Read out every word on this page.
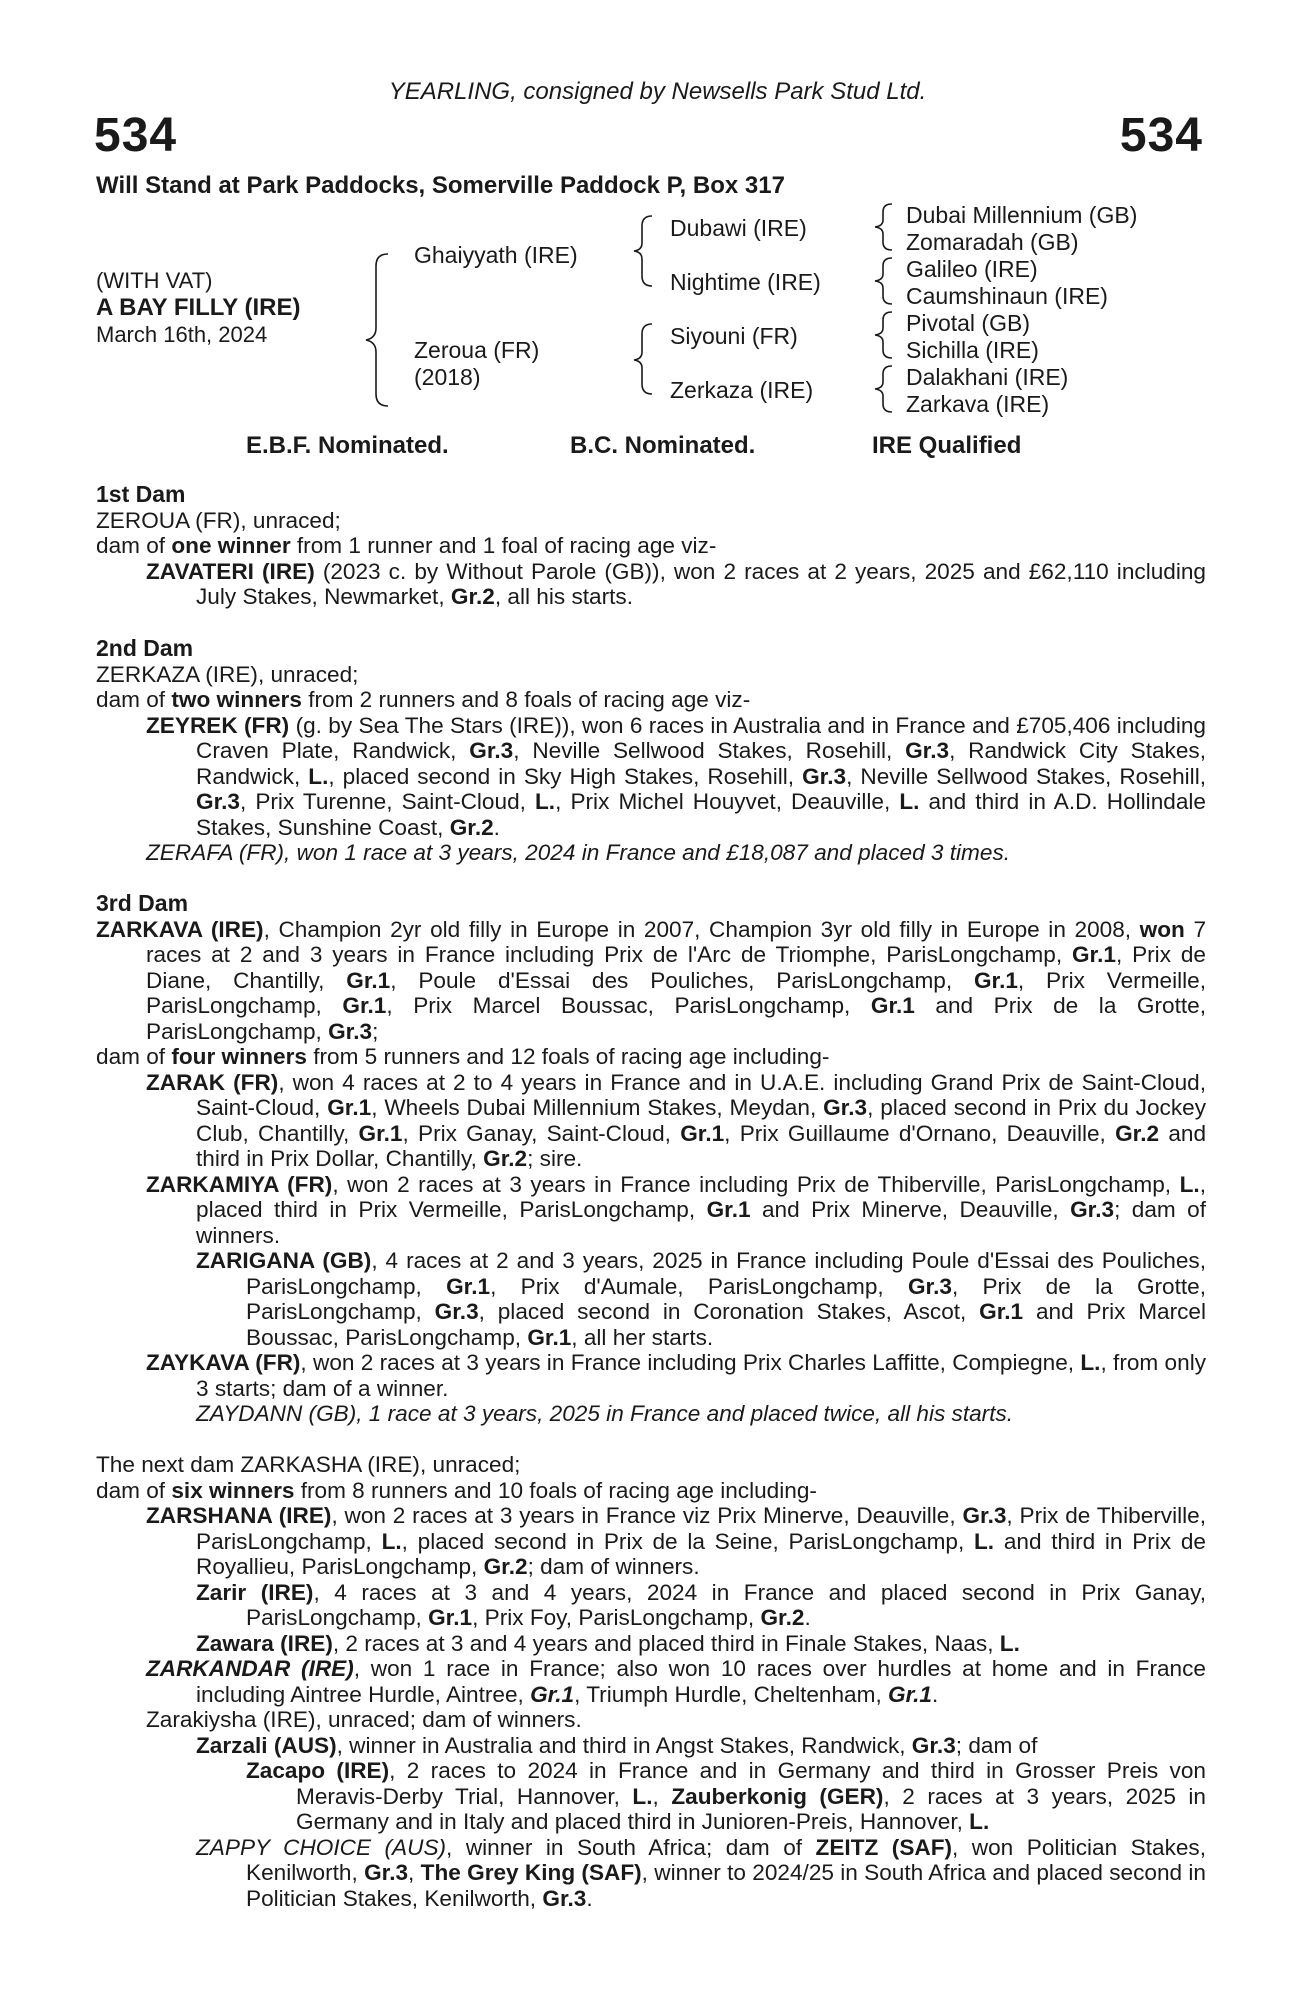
YEARLING, consigned by Newsells Park Stud Ltd.
534	534
Will Stand at Park Paddocks, Somerville Paddock P, Box 317
(WITH VAT)
A BAY FILLY (IRE)
March 16th, 2024
Ghaiyyath (IRE)
Zeroua (FR)
(2018)
Dubawi (IRE)
Nightime (IRE)
Siyouni (FR)
Zerkaza (IRE)
Dubai Millennium (GB)
Zomaradah (GB)
Galileo (IRE)
Caumshinaun (IRE)
Pivotal (GB)
Sichilla (IRE)
Dalakhani (IRE)
Zarkava (IRE)
E.B.F. Nominated.	B.C. Nominated.	IRE Qualified

1st Dam

ZEROUA (FR), unraced;

dam of one winner from 1 runner and 1 foal of racing age viz-

ZAVATERI (IRE) (2023 c. by Without Parole (GB)), won 2 races at 2 years, 2025 and £62,110 including July Stakes, Newmarket, Gr.2, all his starts.

2nd Dam

ZERKAZA (IRE), unraced;

dam of two winners from 2 runners and 8 foals of racing age viz-

ZEYREK (FR) (g. by Sea The Stars (IRE)), won 6 races in Australia and in France and £705,406 including Craven Plate, Randwick, Gr.3, Neville Sellwood Stakes, Rosehill, Gr.3, Randwick City Stakes, Randwick, L., placed second in Sky High Stakes, Rosehill, Gr.3, Neville Sellwood Stakes, Rosehill, Gr.3, Prix Turenne, Saint-Cloud, L., Prix Michel Houyvet, Deauville, L. and third in A.D. Hollindale Stakes, Sunshine Coast, Gr.2.

ZERAFA (FR), won 1 race at 3 years, 2024 in France and £18,087 and placed 3 times.

3rd Dam

ZARKAVA (IRE), Champion 2yr old filly in Europe in 2007, Champion 3yr old filly in Europe in 2008, won 7 races at 2 and 3 years in France including Prix de l'Arc de Triomphe, ParisLongchamp, Gr.1, Prix de Diane, Chantilly, Gr.1, Poule d'Essai des Pouliches, ParisLongchamp, Gr.1, Prix Vermeille, ParisLongchamp, Gr.1, Prix Marcel Boussac, ParisLongchamp, Gr.1 and Prix de la Grotte, ParisLongchamp, Gr.3;

dam of four winners from 5 runners and 12 foals of racing age including-

ZARAK (FR), won 4 races at 2 to 4 years in France and in U.A.E. including Grand Prix de Saint-Cloud, Saint-Cloud, Gr.1, Wheels Dubai Millennium Stakes, Meydan, Gr.3, placed second in Prix du Jockey Club, Chantilly, Gr.1, Prix Ganay, Saint-Cloud, Gr.1, Prix Guillaume d'Ornano, Deauville, Gr.2 and third in Prix Dollar, Chantilly, Gr.2; sire.

ZARKAMIYA (FR), won 2 races at 3 years in France including Prix de Thiberville, ParisLongchamp, L., placed third in Prix Vermeille, ParisLongchamp, Gr.1 and Prix Minerve, Deauville, Gr.3; dam of winners.

ZARIGANA (GB), 4 races at 2 and 3 years, 2025 in France including Poule d'Essai des Pouliches, ParisLongchamp, Gr.1, Prix d'Aumale, ParisLongchamp, Gr.3, Prix de la Grotte, ParisLongchamp, Gr.3, placed second in Coronation Stakes, Ascot, Gr.1 and Prix Marcel Boussac, ParisLongchamp, Gr.1, all her starts.

ZAYKAVA (FR), won 2 races at 3 years in France including Prix Charles Laffitte, Compiegne, L., from only 3 starts; dam of a winner.

ZAYDANN (GB), 1 race at 3 years, 2025 in France and placed twice, all his starts.

The next dam ZARKASHA (IRE), unraced;

dam of six winners from 8 runners and 10 foals of racing age including-

ZARSHANA (IRE), won 2 races at 3 years in France viz Prix Minerve, Deauville, Gr.3, Prix de Thiberville, ParisLongchamp, L., placed second in Prix de la Seine, ParisLongchamp, L. and third in Prix de Royallieu, ParisLongchamp, Gr.2; dam of winners.

Zarir (IRE), 4 races at 3 and 4 years, 2024 in France and placed second in Prix Ganay, ParisLongchamp, Gr.1, Prix Foy, ParisLongchamp, Gr.2.

Zawara (IRE), 2 races at 3 and 4 years and placed third in Finale Stakes, Naas, L.

ZARKANDAR (IRE), won 1 race in France; also won 10 races over hurdles at home and in France including Aintree Hurdle, Aintree, Gr.1, Triumph Hurdle, Cheltenham, Gr.1.

Zarakiysha (IRE), unraced; dam of winners.

Zarzali (AUS), winner in Australia and third in Angst Stakes, Randwick, Gr.3; dam of

Zacapo (IRE), 2 races to 2024 in France and in Germany and third in Grosser Preis von Meravis-Derby Trial, Hannover, L., Zauberkonig (GER), 2 races at 3 years, 2025 in Germany and in Italy and placed third in Junioren-Preis, Hannover, L.

ZAPPY CHOICE (AUS), winner in South Africa; dam of ZEITZ (SAF), won Politician Stakes, Kenilworth, Gr.3, The Grey King (SAF), winner to 2024/25 in South Africa and placed second in Politician Stakes, Kenilworth, Gr.3.
